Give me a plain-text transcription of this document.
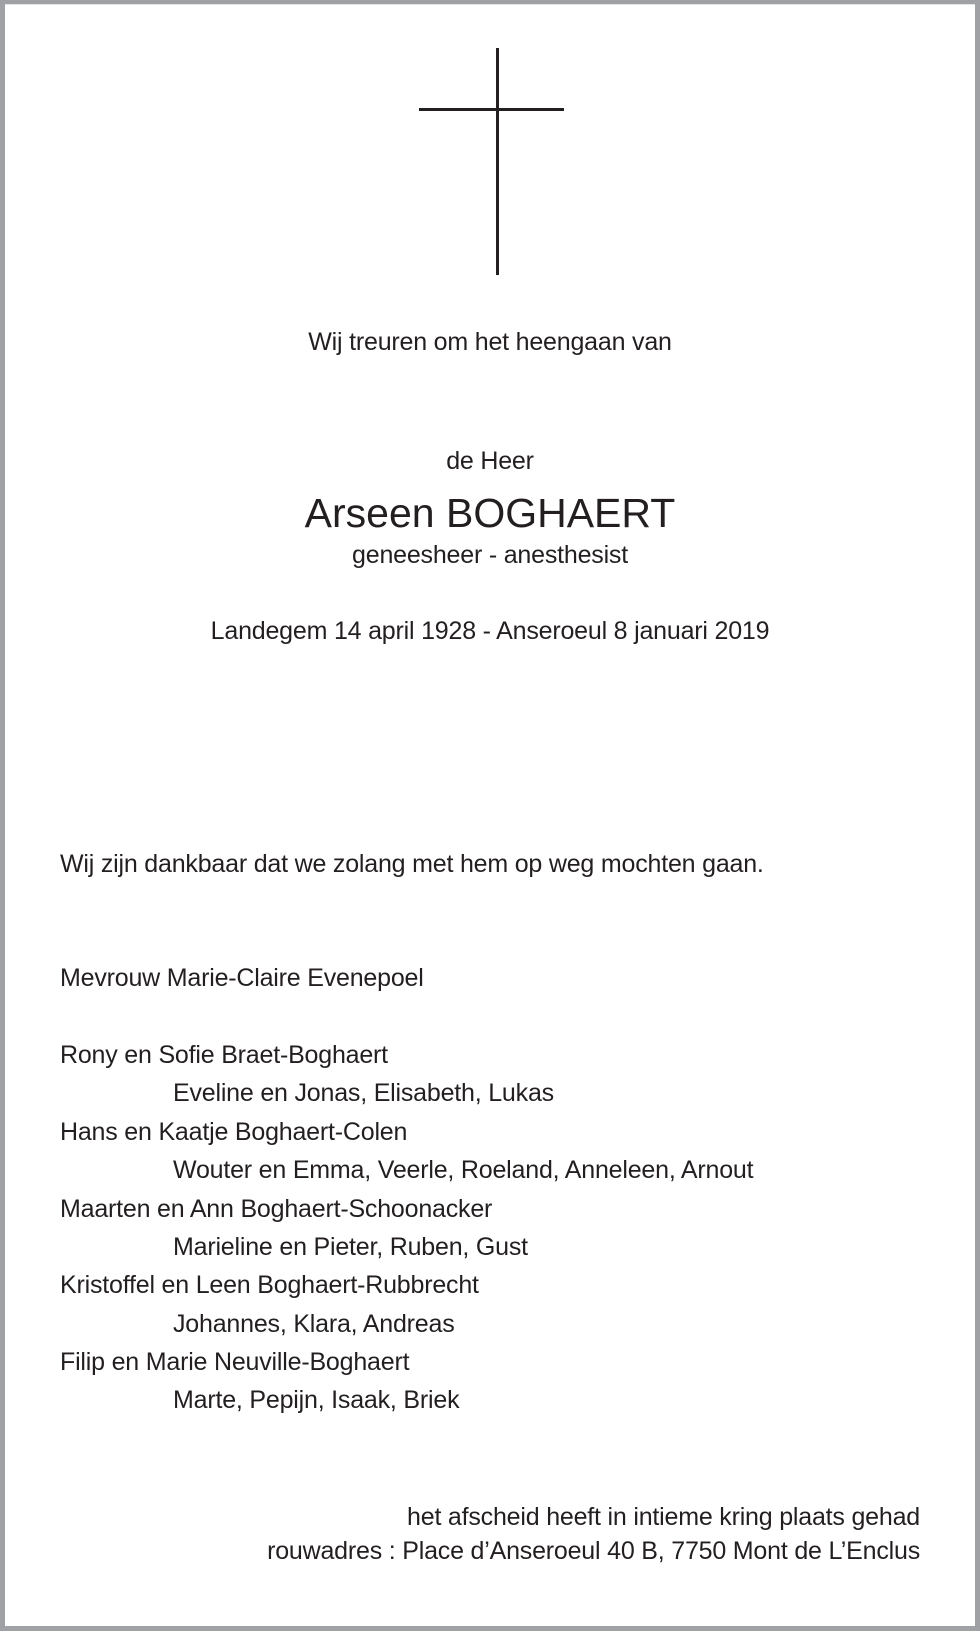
Wij treuren om het heengaan van
de Heer
Arseen BOGHAERT
geneesheer - anesthesist
Landegem 14 april 1928 - Anseroeul 8 januari 2019
Wij zijn dankbaar dat we zolang met hem op weg mochten gaan.
Mevrouw Marie-Claire Evenepoel
Rony en Sofie Braet-Boghaert
Eveline en Jonas, Elisabeth, Lukas
Hans en Kaatje Boghaert-Colen
Wouter en Emma, Veerle, Roeland, Anneleen, Arnout
Maarten en Ann Boghaert-Schoonacker
Marieline en Pieter, Ruben, Gust
Kristoffel en Leen Boghaert-Rubbrecht
Johannes, Klara, Andreas
Filip en Marie Neuville-Boghaert
Marte, Pepijn, Isaak, Briek
het afscheid heeft in intieme kring plaats gehad
rouwadres : Place d’Anseroeul 40 B, 7750 Mont de L’Enclus
